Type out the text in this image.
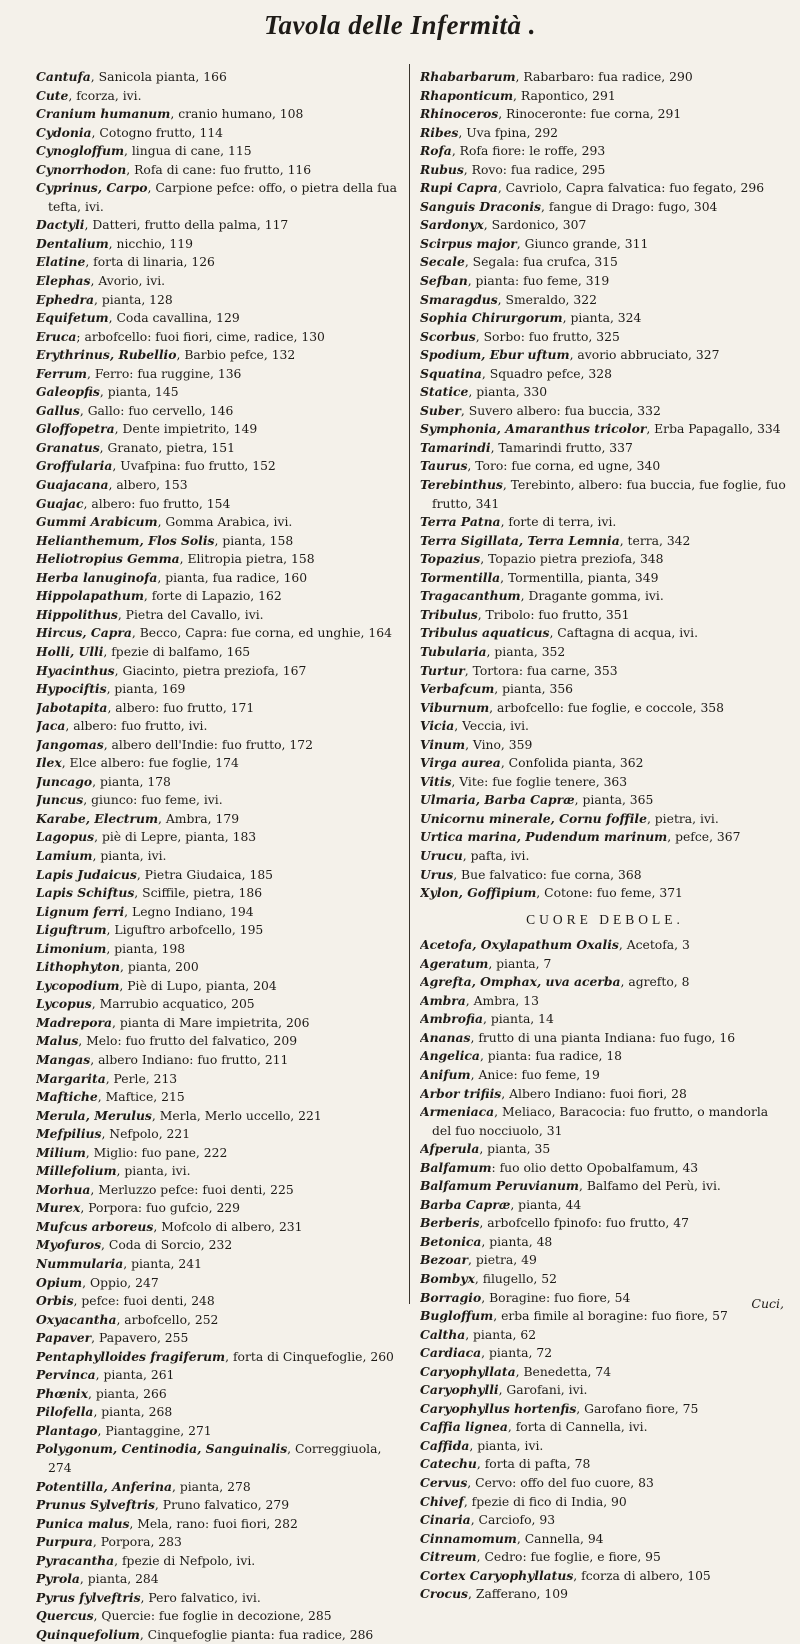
Tavola delle Infermità .
Cantufa, Sanicola pianta, 166
Cute, fcorza, ivi.
Cranium humanum, cranio humano, 108
Cydonia, Cotogno frutto, 114
Cynogloffum, lingua di cane, 115
Cynorrhodon, Rofa di cane: fuo frutto, 116
Cyprinus, Carpo, Carpione pefce: offo, o pietra della fua tefta, ivi.
Dactyli, Datteri, frutto della palma, 117
Dentalium, nicchio, 119
Elatine, forta di linaria, 126
Elephas, Avorio, ivi.
Ephedra, pianta, 128
Equifetum, Coda cavallina, 129
Eruca; arbofcello: fuoi fiori, cime, radice, 130
Erythrinus, Rubellio, Barbio pefce, 132
Ferrum, Ferro: fua ruggine, 136
Galeopfis, pianta, 145
Gallus, Gallo: fuo cervello, 146
Gloffopetra, Dente impietrito, 149
Granatus, Granato, pietra, 151
Groffularia, Uvafpina: fuo frutto, 152
Guajacana, albero, 153
Guajac, albero: fuo frutto, 154
Gummi Arabicum, Gomma Arabica, ivi.
Helianthemum, Flos Solis, pianta, 158
Heliotropius Gemma, Elitropia pietra, 158
Herba lanuginofa, pianta, fua radice, 160
Hippolapathum, forte di Lapazio, 162
Hippolithus, Pietra del Cavallo, ivi.
Hircus, Capra, Becco, Capra: fue corna, ed unghie, 164
Holli, Ulli, fpezie di balfamo, 165
Hyacinthus, Giacinto, pietra preziofa, 167
Hypociftis, pianta, 169
Jabotapita, albero: fuo frutto, 171
Jaca, albero: fuo frutto, ivi.
Jangomas, albero dell'Indie: fuo frutto, 172
Ilex, Elce albero: fue foglie, 174
Juncago, pianta, 178
Juncus, giunco: fuo feme, ivi.
Karabe, Electrum, Ambra, 179
Lagopus, piè di Lepre, pianta, 183
Lamium, pianta, ivi.
Lapis Judaicus, Pietra Giudaica, 185
Lapis Schiftus, Sciffile, pietra, 186
Lignum ferri, Legno Indiano, 194
Liguftrum, Liguftro arbofcello, 195
Limonium, pianta, 198
Lithophyton, pianta, 200
Lycopodium, Piè di Lupo, pianta, 204
Lycopus, Marrubio acquatico, 205
Madrepora, pianta di Mare impietrita, 206
Malus, Melo: fuo frutto del falvatico, 209
Mangas, albero Indiano: fuo frutto, 211
Margarita, Perle, 213
Maftiche, Maftice, 215
Merula, Merulus, Merla, Merlo uccello, 221
Mefpilius, Nefpolo, 221
Milium, Miglio: fuo pane, 222
Millefolium, pianta, ivi.
Morhua, Merluzzo pefce: fuoi denti, 225
Murex, Porpora: fuo gufcio, 229
Mufcus arboreus, Mofcolo di albero, 231
Myofuros, Coda di Sorcio, 232
Nummularia, pianta, 241
Opium, Oppio, 247
Orbis, pefce: fuoi denti, 248
Oxyacantha, arbofcello, 252
Papaver, Papavero, 255
Pentaphylloides fragiferum, forta di Cinquefoglie, 260
Pervinca, pianta, 261
Phœnix, pianta, 266
Pilofella, pianta, 268
Plantago, Piantaggine, 271
Polygonum, Centinodia, Sanguinalis, Correggiuola, 274
Potentilla, Anferina, pianta, 278
Prunus Sylveftris, Pruno falvatico, 279
Punica malus, Mela, rano: fuoi fiori, 282
Purpura, Porpora, 283
Pyracantha, fpezie di Nefpolo, ivi.
Pyrola, pianta, 284
Pyrus fylveftris, Pero falvatico, ivi.
Quercus, Quercie: fue foglie in decozione, 285
Quinquefolium, Cinquefoglie pianta: fua radice, 286
Rhabarbarum, Rabarbaro: fua radice, 290
Rhaponticum, Rapontico, 291
Rhinoceros, Rinoceronte: fue corna, 291
Ribes, Uva fpina, 292
Rofa, Rofa fiore: le roffe, 293
Rubus, Rovo: fua radice, 295
Rupi Capra, Cavriolo, Capra falvatica: fuo fegato, 296
Sanguis Draconis, fangue di Drago: fugo, 304
Sardonyx, Sardonico, 307
Scirpus major, Giunco grande, 311
Secale, Segala: fua crufca, 315
Sefban, pianta: fuo feme, 319
Smaragdus, Smeraldo, 322
Sophia Chirurgorum, pianta, 324
Scorbus, Sorbo: fuo frutto, 325
Spodium, Ebur uftum, avorio abbruciato, 327
Squatina, Squadro pefce, 328
Statice, pianta, 330
Suber, Suvero albero: fua buccia, 332
Symphonia, Amaranthus tricolor, Erba Papagallo, 334
Tamarindi, Tamarindi frutto, 337
Taurus, Toro: fue corna, ed ugne, 340
Terebinthus, Terebinto, albero: fua buccia, fue foglie, fuo frutto, 341
Terra Patna, forte di terra, ivi.
Terra Sigillata, Terra Lemnia, terra, 342
Topazius, Topazio pietra preziofa, 348
Tormentilla, Tormentilla, pianta, 349
Tragacanthum, Dragante gomma, ivi.
Tribulus, Tribolo: fuo frutto, 351
Tribulus aquaticus, Caftagna di acqua, ivi.
Tubularia, pianta, 352
Turtur, Tortora: fua carne, 353
Verbafcum, pianta, 356
Viburnum, arbofcello: fue foglie, e coccole, 358
Vicia, Veccia, ivi.
Vinum, Vino, 359
Virga aurea, Confolida pianta, 362
Vitis, Vite: fue foglie tenere, 363
Ulmaria, Barba Capræ, pianta, 365
Unicornu minerale, Cornu foffile, pietra, ivi.
Urtica marina, Pudendum marinum, pefce, 367
Urucu, pafta, ivi.
Urus, Bue falvatico: fue corna, 368
Xylon, Goffipium, Cotone: fuo feme, 371
CUORE DEBOLE.
Acetofa, Oxylapathum Oxalis, Acetofa, 3
Ageratum, pianta, 7
Agrefta, Omphax, uva acerba, agrefto, 8
Ambra, Ambra, 13
Ambrofia, pianta, 14
Ananas, frutto di una pianta Indiana: fuo fugo, 16
Angelica, pianta: fua radice, 18
Anifum, Anice: fuo feme, 19
Arbor trifiis, Albero Indiano: fuoi fiori, 28
Armeniaca, Meliaco, Baracocia: fuo frutto, o mandorla del fuo nocciuolo, 31
Afperula, pianta, 35
Balfamum: fuo olio detto Opobalfamum, 43
Balfamum Peruvianum, Balfamo del Perù, ivi.
Barba Capræ, pianta, 44
Berberis, arbofcello fpinofo: fuo frutto, 47
Betonica, pianta, 48
Bezoar, pietra, 49
Bombyx, filugello, 52
Borragio, Boragine: fuo fiore, 54
Bugloffum, erba fimile al boragine: fuo fiore, 57
Caltha, pianta, 62
Cardiaca, pianta, 72
Caryophyllata, Benedetta, 74
Caryophylli, Garofani, ivi.
Caryophyllus hortenfis, Garofano fiore, 75
Caffia lignea, forta di Cannella, ivi.
Caffida, pianta, ivi.
Catechu, forta di pafta, 78
Cervus, Cervo: offo del fuo cuore, 83
Chivef, fpezie di fico di India, 90
Cinaria, Carciofo, 93
Cinnamomum, Cannella, 94
Citreum, Cedro: fue foglie, e fiore, 95
Cortex Caryophyllatus, fcorza di albero, 105
Crocus, Zafferano, 109
Cuci,
